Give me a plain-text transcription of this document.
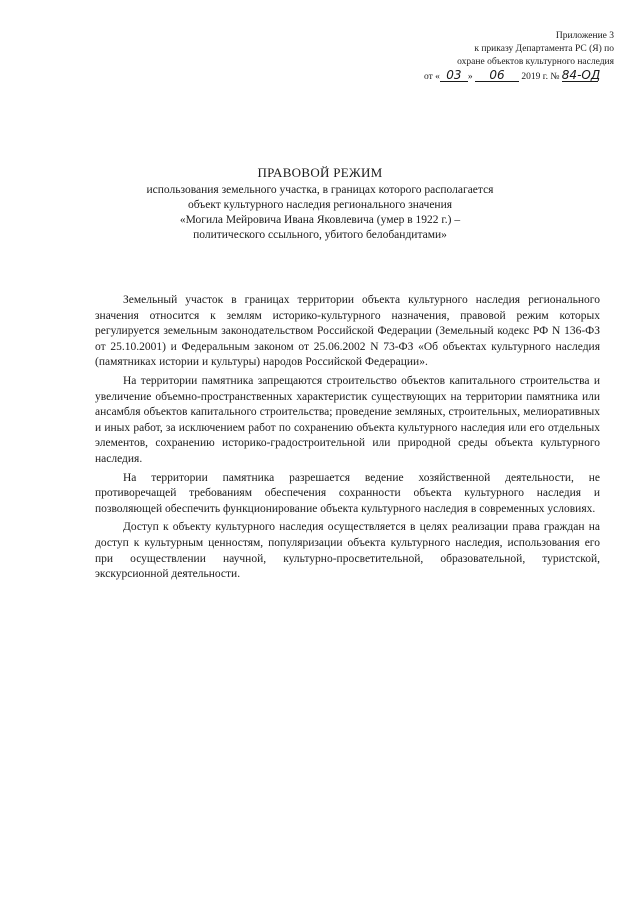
Приложение 3
к приказу Департамента РС (Я) по
охране объектов культурного наследия
от « 03 » 06 2019 г. № 84-ОД
ПРАВОВОЙ РЕЖИМ
использования земельного участка, в границах которого располагается
объект культурного наследия регионального значения
«Могила Мейровича Ивана Яковлевича (умер в 1922 г.) –
политического ссыльного, убитого белобандитами»

Земельный участок в границах территории объекта культурного наследия регионального значения относится к землям историко-культурного назначения, правовой режим которых регулируется земельным законодательством Российской Федерации (Земельный кодекс РФ N 136-ФЗ от 25.10.2001) и Федеральным законом от 25.06.2002 N 73-ФЗ «Об объектах культурного наследия (памятниках истории и культуры) народов Российской Федерации».

На территории памятника запрещаются строительство объектов капитального строительства и увеличение объемно-пространственных характеристик существующих на территории памятника или ансамбля объектов капитального строительства; проведение земляных, строительных, мелиоративных и иных работ, за исключением работ по сохранению объекта культурного наследия или его отдельных элементов, сохранению историко-градостроительной или природной среды объекта культурного наследия.

На территории памятника разрешается ведение хозяйственной деятельности, не противоречащей требованиям обеспечения сохранности объекта культурного наследия и позволяющей обеспечить функционирование объекта культурного наследия в современных условиях.

Доступ к объекту культурного наследия осуществляется в целях реализации права граждан на доступ к культурным ценностям, популяризации объекта культурного наследия, использования его при осуществлении научной, культурно-просветительной, образовательной, туристской, экскурсионной деятельности.
